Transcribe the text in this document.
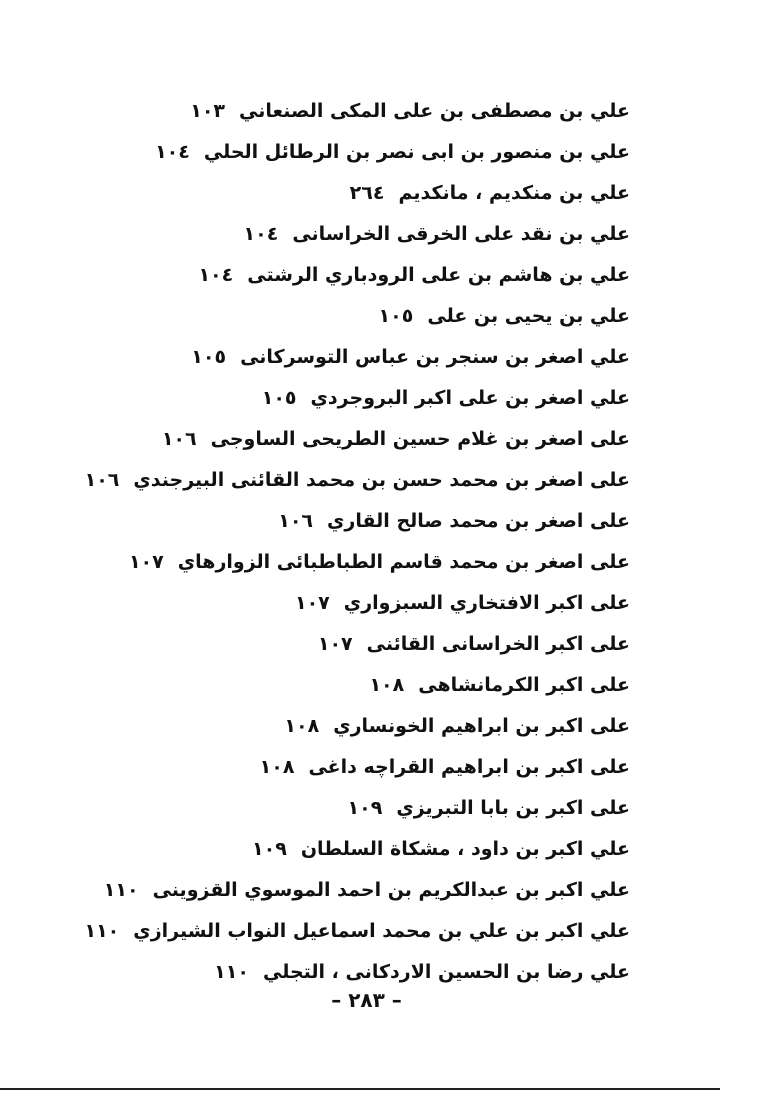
علي بن مصطفى بن على المكى الصنعاني١٠٣
علي بن منصور بن ابى نصر بن الرطائل الحلي١٠٤
علي بن منكديم ، مانكديم٢٦٤
علي بن نقد على الخرقى الخراسانى١٠٤
علي بن هاشم بن على الرودباري الرشتى١٠٤
علي بن يحيى بن على١٠٥
علي اصغر بن سنجر بن عباس التوسركانى١٠٥
علي اصغر بن على اكبر البروجردي١٠٥
على اصغر بن غلام حسين الطريحى الساوجى١٠٦
على اصغر بن محمد حسن بن محمد القائنى البيرجندي١٠٦
على اصغر بن محمد صالح القاري١٠٦
على اصغر بن محمد قاسم الطباطبائى الزوارهاي١٠٧
على اكبر الافتخاري السبزواري١٠٧
على اكبر الخراسانى القائنى١٠٧
على اكبر الكرمانشاهى١٠٨
على اكبر بن ابراهيم الخونساري١٠٨
على اكبر بن ابراهيم القراچه داغى١٠٨
على اكبر بن بابا التبريزي١٠٩
علي اكبر بن داود ، مشكاة السلطان١٠٩
علي اكبر بن عبدالكريم بن احمد الموسوي القزوينى١١٠
علي اكبر بن علي بن محمد اسماعيل النواب الشيرازي١١٠
علي رضا بن الحسين الاردكانى ، التجلي١١٠
– ٢٨٣ –
